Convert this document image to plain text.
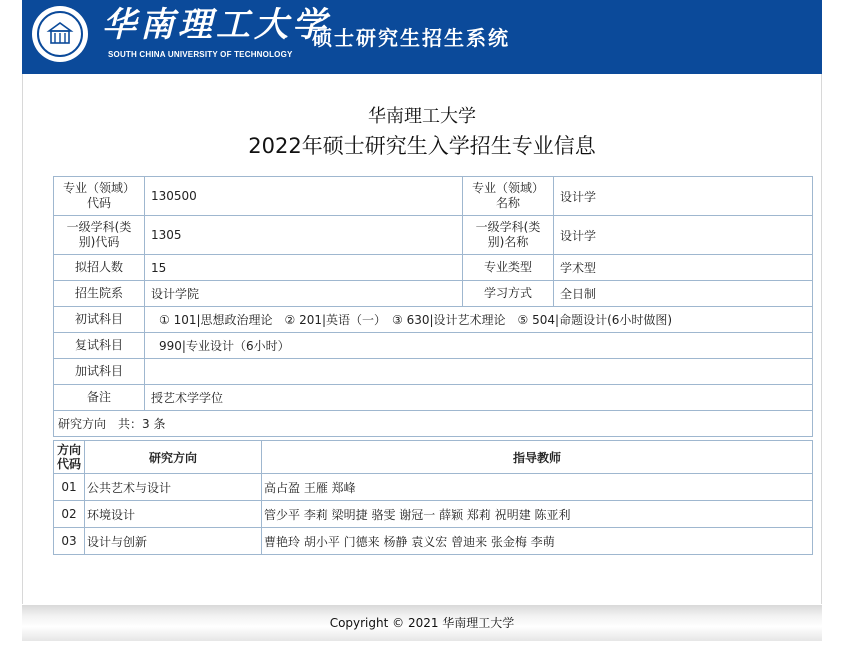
华南理工大学
SOUTH CHINA UNIVERSITY OF TECHNOLOGY
硕士研究生招生系统
华南理工大学
2022年硕士研究生入学招生专业信息
专业（领域）代码	130500	专业（领域）名称	设计学
一级学科(类别)代码	1305	一级学科(类别)名称	设计学
拟招人数	15	专业类型	学术型
招生院系	设计学院	学习方式	全日制
初试科目	① 101|思想政治理论　② 201|英语（一）　③ 630|设计艺术理论　⑤ 504|命题设计(6小时做图)		
复试科目	990|专业设计（6小时）		
加试科目			
备注	授艺术学学位		
研究方向　共：3 条			
方向代码	研究方向	指导教师
01	公共艺术与设计	高占盈 王雁 郑峰
02	环境设计	管少平 李莉 梁明捷 骆雯 谢冠一 薛颖 郑莉 祝明建 陈亚利
03	设计与创新	曹艳玲 胡小平 门德来 杨静 袁义宏 曾迪来 张金梅 李萌
Copyright © 2021 华南理工大学
